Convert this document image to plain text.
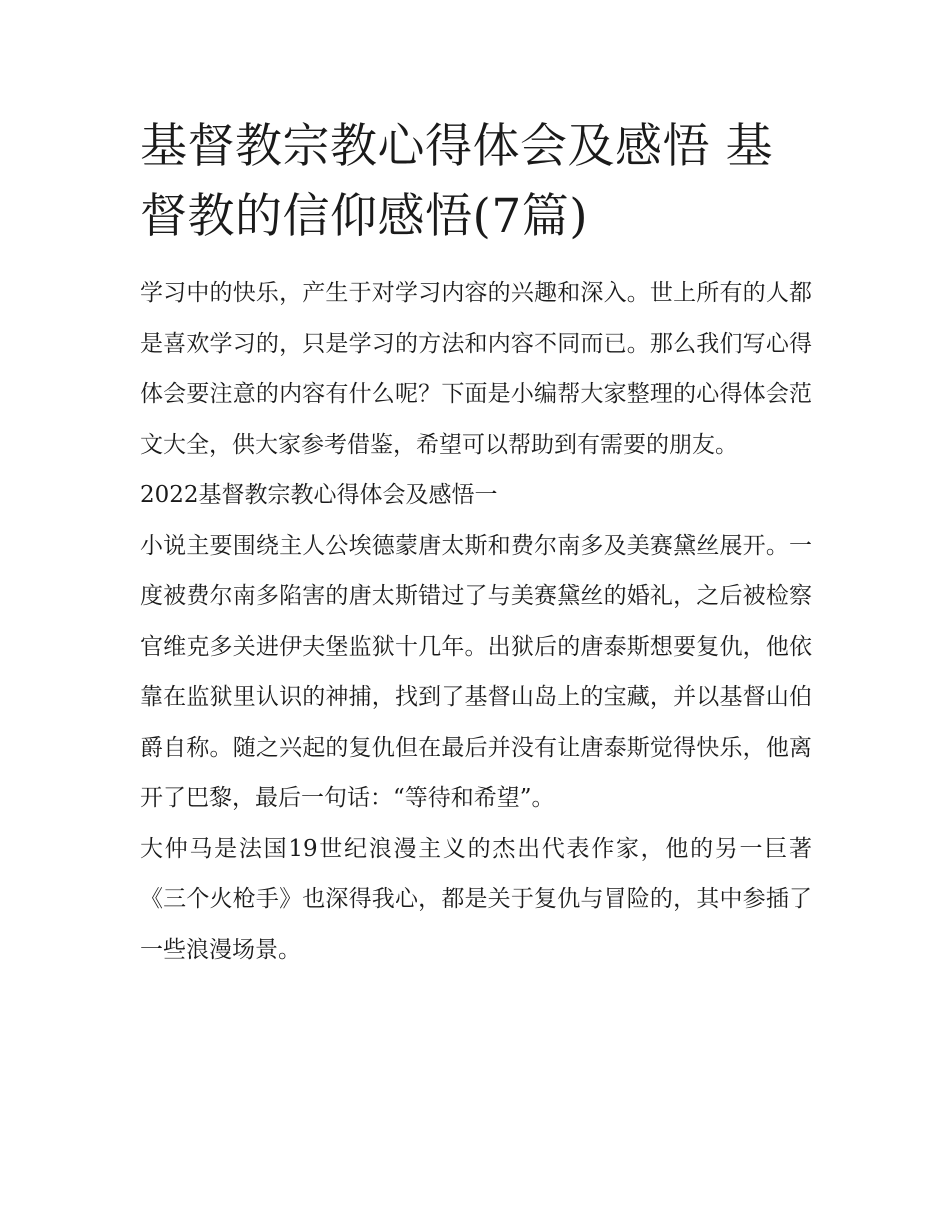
基督教宗教心得体会及感悟 基督教的信仰感悟(7篇)

学习中的快乐，产生于对学习内容的兴趣和深入。世上所有的人都是喜欢学习的，只是学习的方法和内容不同而已。那么我们写心得体会要注意的内容有什么呢？下面是小编帮大家整理的心得体会范文大全，供大家参考借鉴，希望可以帮助到有需要的朋友。

2022基督教宗教心得体会及感悟一

小说主要围绕主人公埃德蒙唐太斯和费尔南多及美赛黛丝展开。一度被费尔南多陷害的唐太斯错过了与美赛黛丝的婚礼，之后被检察官维克多关进伊夫堡监狱十几年。出狱后的唐泰斯想要复仇，他依靠在监狱里认识的神捕，找到了基督山岛上的宝藏，并以基督山伯爵自称。随之兴起的复仇但在最后并没有让唐泰斯觉得快乐，他离开了巴黎，最后一句话：“等待和希望”。

大仲马是法国19世纪浪漫主义的杰出代表作家，他的另一巨著《三个火枪手》也深得我心，都是关于复仇与冒险的，其中参插了一些浪漫场景。
